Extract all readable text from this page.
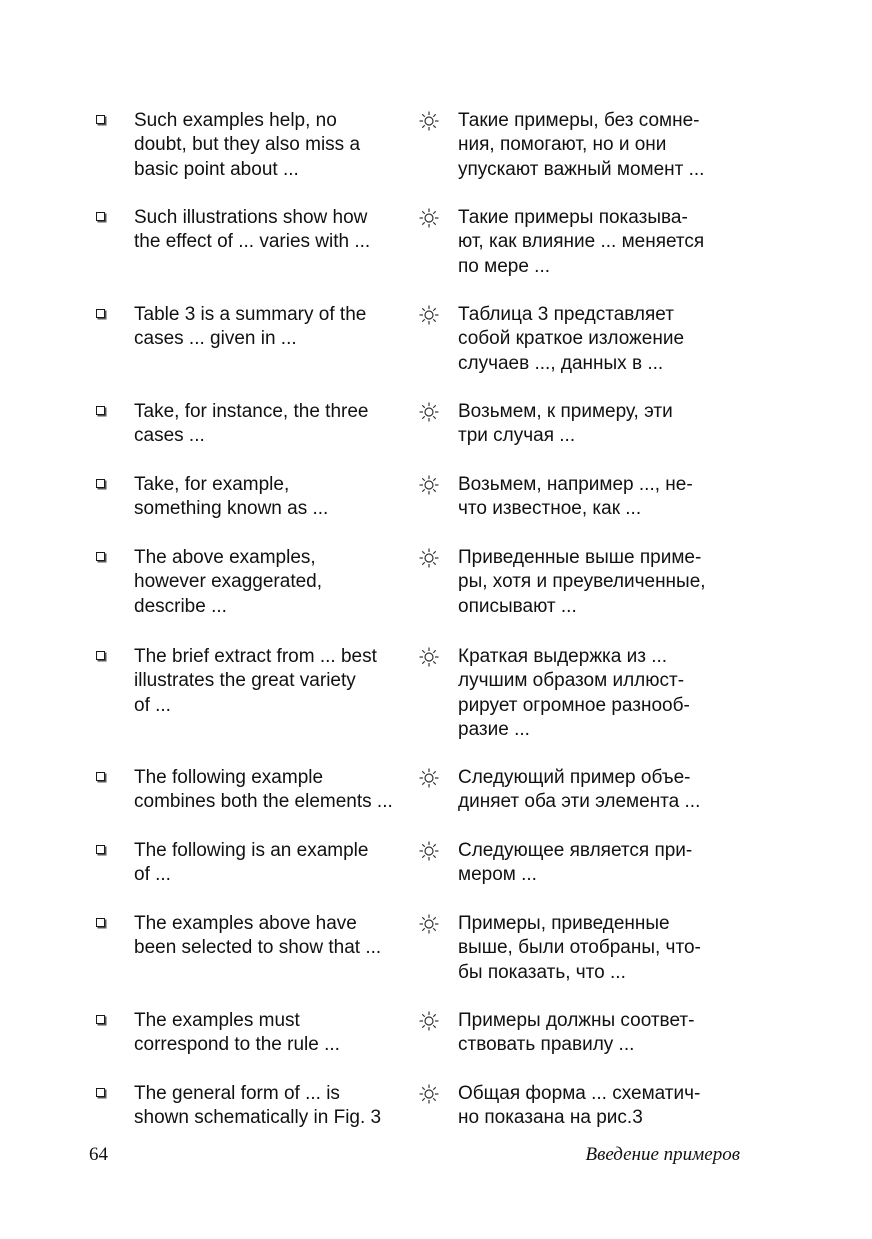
Such examples help, no
doubt, but they also miss a
basic point about ...
Такие примеры, без сомне-
ния, помогают, но и они
упускают важный момент ...
Such illustrations show how
the effect of ... varies with ...
Такие примеры показыва-
ют, как влияние ... меняется
по мере ...
Table 3 is a summary of the
cases ... given in ...
Таблица 3 представляет
собой краткое изложение
случаев ..., данных в ...
Take, for instance, the three
cases ...
Возьмем, к примеру, эти
три случая ...
Take, for example,
something known as ...
Возьмем, например ..., не-
что известное, как ...
The above examples,
however exaggerated,
describe ...
Приведенные выше приме-
ры, хотя и преувеличенные,
описывают ...
The brief extract from ... best
illustrates the great variety
of ...
Краткая выдержка из ...
лучшим образом иллюст-
рирует огромное разнооб-
разие ...
The following example
combines both the elements ...
Следующий пример объе-
диняет оба эти элемента ...
The following is an example
of ...
Следующее является при-
мером ...
The examples above have
been selected to show that ...
Примеры, приведенные
выше, были отобраны, что-
бы показать, что ...
The examples must
correspond to the rule ...
Примеры должны соответ-
ствовать правилу ...
The general form of ... is
shown schematically in Fig. 3
Общая форма ... схематич-
но показана на рис.3
64	Введение примеров
